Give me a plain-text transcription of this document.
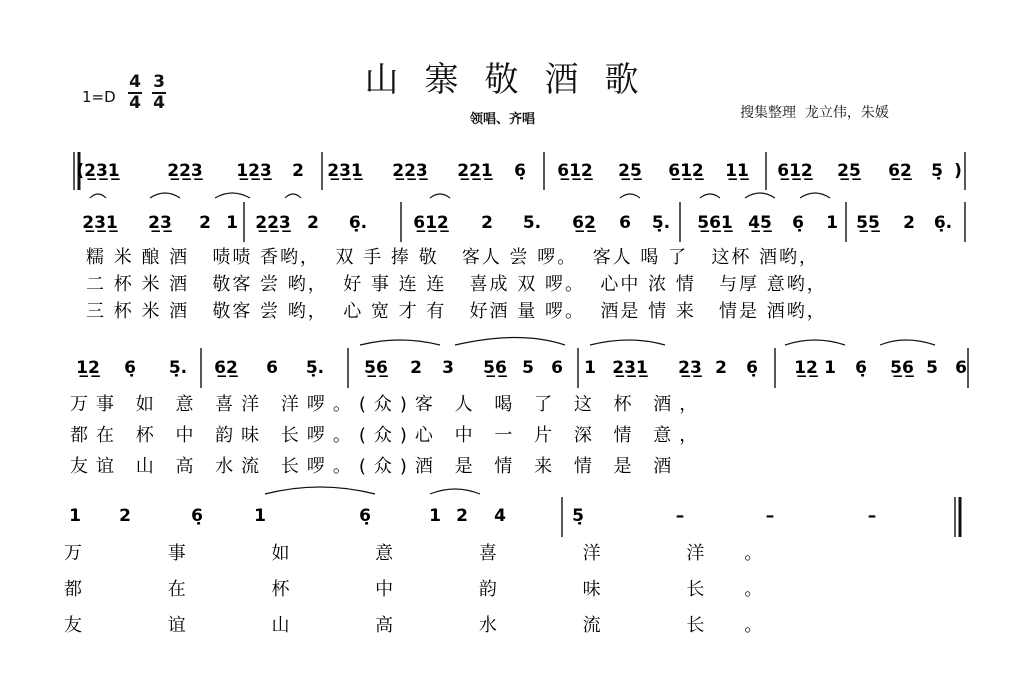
山寨敬酒歌
1=D
4
4
3
4
领唱、齐唱	搜集整理 龙立伟，朱媛
(2̲3̲1̲	2̲2̲3̲ 1̲2̲3̲ 2 2̲3̲1̲ 2̲2̲3̲ 2̲2̲1̲ 6̣ 6̲1̲2̲ 2̲5̲ 6̲1̲2̲ 1̲1̲ 6̲1̲2̲ 2̲5̲ 6̲2̲ 5̣ )
2̲3̲1̲ 2̲3̲ 2 1 2̲2̲3̲ 2 6̣.	6̲1̲2̲ 2 5. 6̲2̲ 6 5̣. 5̲6̲1̲ 4̲5̲ 6̣ 1 5̲5̲ 2 6̣.
1̲2̲ 6̣ 5̣. 6̲2̲ 6 5̣. 5̲6̲ 2 3 5̲6̲ 5 6 1 2̲3̲1̲ 2̲3̲ 2 6̣ 1̲2̲ 1 6̣ 5̲6̲ 5 6
1 2	6̣	1	6̣	1 2 4	5̣	–	–	–
糯 米 酿 酒   啧啧 香哟，  双 手 捧 敬   客人 尝 啰。  客人 喝 了   这杯 酒哟，
二 杯 米 酒   敬客 尝 哟，  好 事 连 连   喜成 双 啰。  心中 浓 情   与厚 意哟，
三 杯 米 酒   敬客 尝 哟，  心 宽 才 有   好酒 量 啰。  酒是 情 来   情是 酒哟，
万事 如 意 喜洋 洋啰。(众)客 人 喝 了 这 杯 酒，
都在 杯 中 韵味 长啰。(众)心 中 一 片 深 情 意，
友谊 山 高 水流 长啰。(众)酒 是 情 来 情 是 酒
万 事 如 意 喜 洋 洋。
都 在 杯 中 韵 味 长。
友 谊 山 高 水 流 长。
